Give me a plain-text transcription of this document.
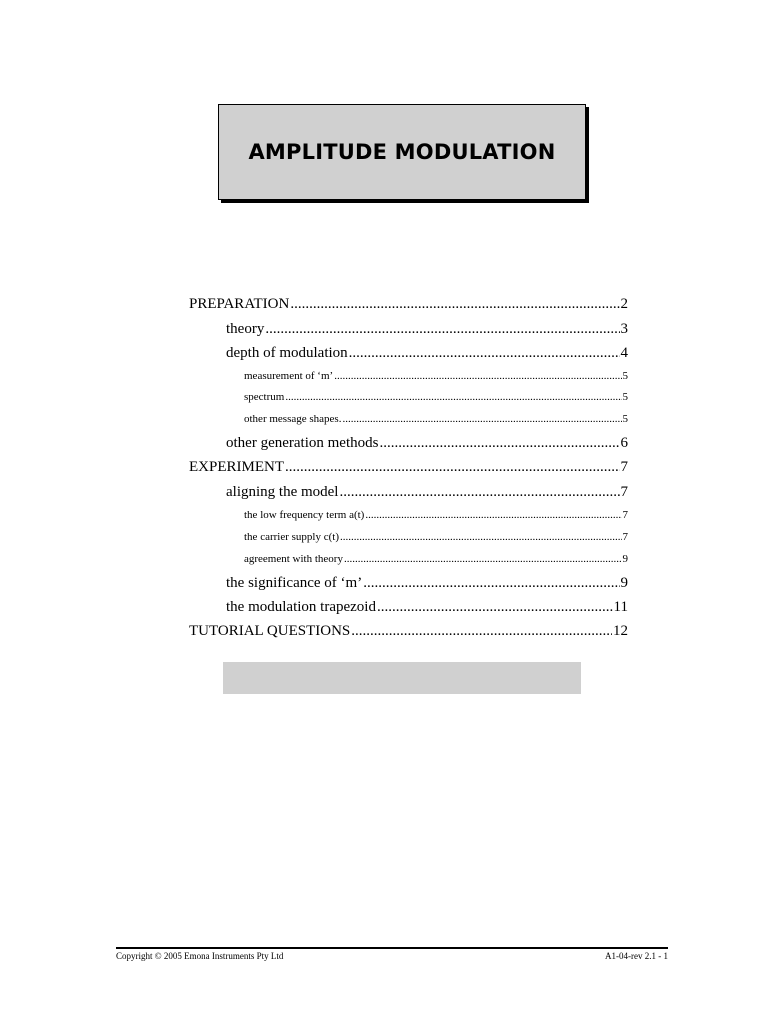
AMPLITUDE MODULATION
PREPARATION .....	2
theory .....	3
depth of modulation .....	4
measurement of ‘m’ .....	5
spectrum .....	5
other message shapes. .....	5
other generation methods .....	6
EXPERIMENT .....	7
aligning the model .....	7
the low frequency term a(t) .....	7
the carrier supply c(t) .....	7
agreement with theory .....	9
the significance of ‘m’ .....	9
the modulation trapezoid .....	11
TUTORIAL QUESTIONS .....	12
Copyright © 2005 Emona Instruments Pty Ltd	A1-04-rev 2.1 - 1
